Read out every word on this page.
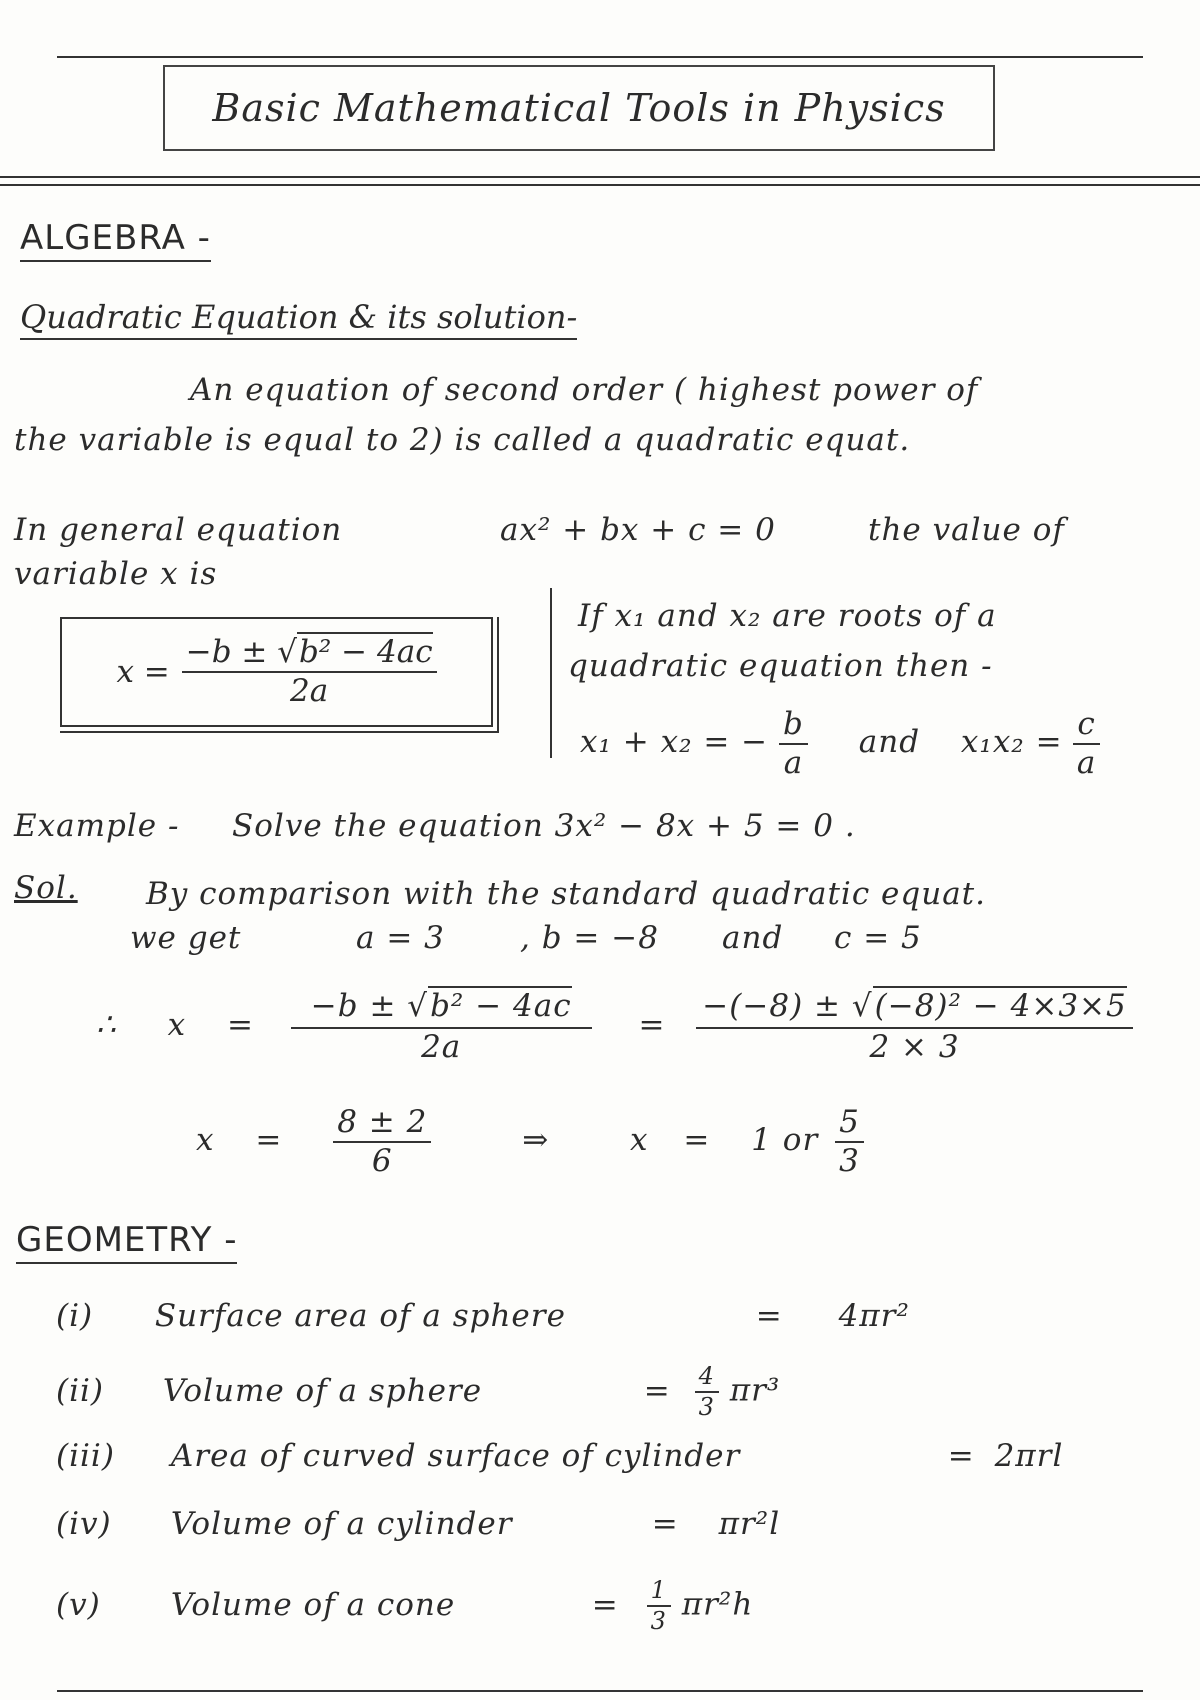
Basic Mathematical Tools in Physics
ALGEBRA -
Quadratic Equation & its solution-
An equation of second order ( highest power of
the variable is equal to 2) is called a quadratic equat.
In general equation	ax² + bx + c = 0	the value of
variable x is
$x = \frac{\text{−b ± √b² − 4ac}}{2a}$
If x₁ and x₂ are roots of a
quadratic equation then -
x₁ + x₂ = − $\frac{b}{a}$ and $x_1x_2 = \frac{c}{a}$
Example - Solve the equation 3x² − 8x + 5 = 0 .
Sol. By comparison with the standard quadratic equat.
we get	a = 3 , b = −8 and c = 5
∴ $x = \frac{\text{−b ± √b² − 4ac}}{2a} = \frac{\text{−(−8) ± √(−8)² − 4×3×5}}{2 \times 3}$
$x = \frac{8 \pm 2}{6}$	⇒	x = 1 or $\frac{5}{3}$
GEOMETRY -
(i) Surface area of a sphere	= 4πr²
(ii) Volume of a sphere	= $\frac{4}{3} \pi r^3$
(iii) Area of curved surface of cylinder	= 2πrl
(iv) Volume of a cylinder	= πr²l
(v) Volume of a cone	= $\frac{1}{3} \pi r^2h$
